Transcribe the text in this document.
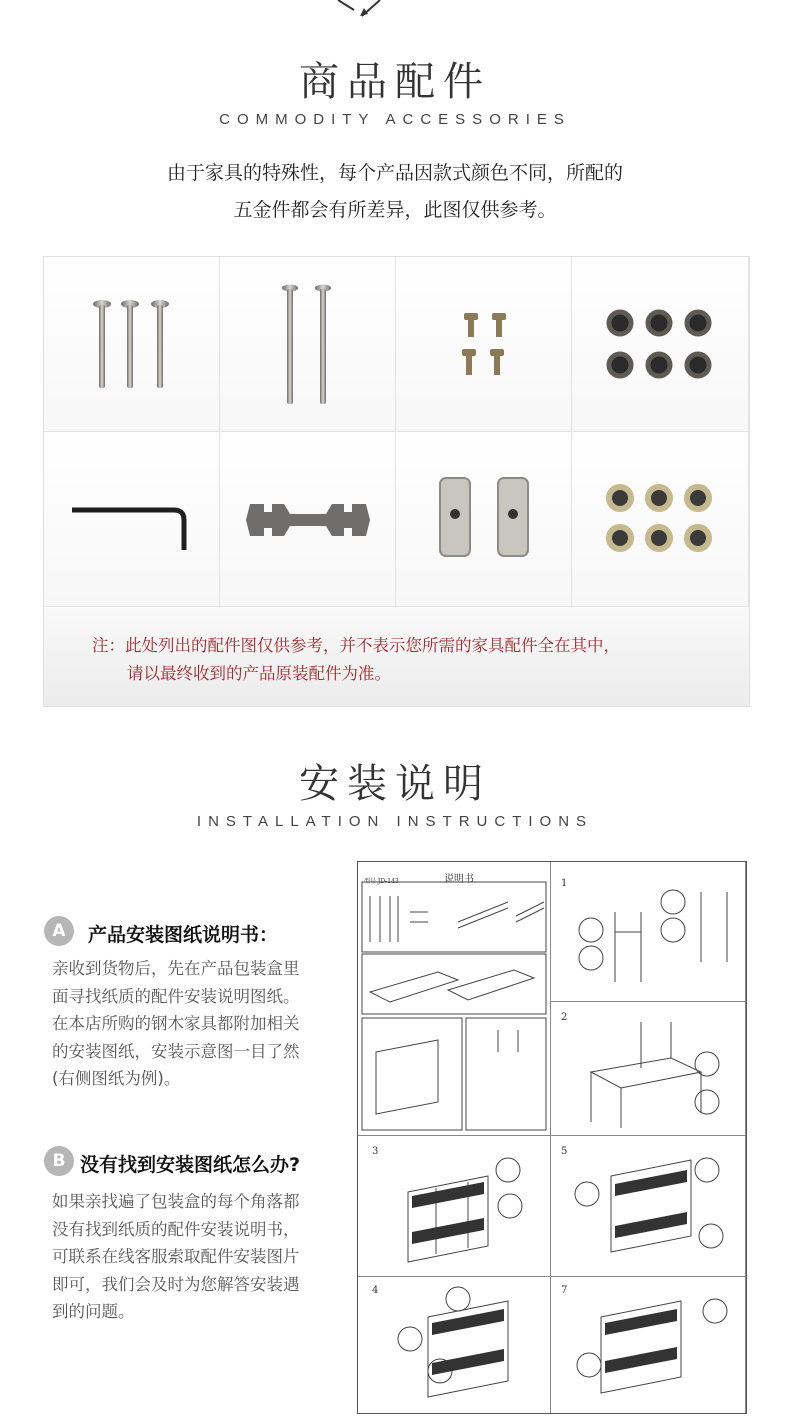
商品配件
COMMODITY ACCESSORIES
由于家具的特殊性，每个产品因款式颜色不同，所配的
五金件都会有所差异，此图仅供参考。

注：此处列出的配件图仅供参考，并不表示您所需的家具配件全在其中，

请以最终收到的产品原装配件为准。

安装说明
INSTALLATION INSTRUCTIONS
A	产品安装图纸说明书：
亲收到货物后，先在产品包装盒里
面寻找纸质的配件安装说明图纸。
在本店所购的钢木家具都附加相关
的安装图纸，安装示意图一目了然
(右侧图纸为例)。
B 没有找到安装图纸怎么办?
如果亲找遍了包装盒的每个角落都
没有找到纸质的配件安装说明书，
可联系在线客服索取配件安装图片
即可，我们会及时为您解答安装遇
到的问题。
说明书
型号 JD-143	1
2
3	5
4	7
